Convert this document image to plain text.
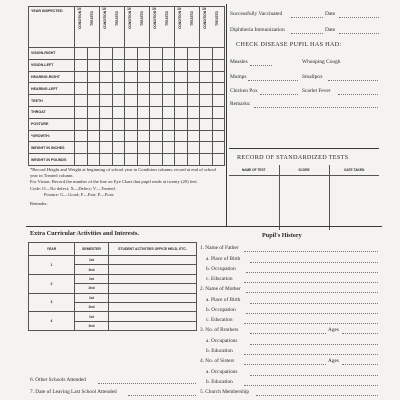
YEAR INSPECTED	19
CONDITION TREATED		19
CONDITION TREATED		19
CONDITION TREATED		19
CONDITION TREATED		19
CONDITION TREATED		19
CONDITION TREATED	

VISION-RIGHT												
VISION-LEFT												
HEARING-RIGHT												
HEARING-LEFT												
TEETH												
THROAT												
POSTURE												
*GROWTH:												
WEIGHT IN INCHES												
WEIGHT IN POUNDS												
*Record Height and Weight at beginning of school year in Condition column; record at end of school year in Treated column.
For Vision: Record the number of the line on Eye Chart that pupil reads at twenty (20) feet.
Code: O—No defect; X—Defect; V—Treated.
Posture: G—Good; F—Fair; P—Poor.
Remarks:
Successfully Vaccinated	Date
Diphtheria Immunization	Date
CHECK DISEASE PUPIL HAS HAD:
Measles	Whooping Cough
Mumps	Smallpox
Chicken Pox	Scarlet Fever
Remarks:
RECORD OF STANDARDIZED TESTS
NAME OF TEST	SCORE	DATE TAKEN

Extra Curricular Activities and Interests.
YEAR	SEMESTER	STUDENT ACTIVITIES OFFICE HELD, ETC.
1	1st	
	2nd	
2	1st	
	2nd	
3	1st	
	2nd	
4	1st	
	2nd	
Pupil's History
1. Name of Father
a. Place of Birth
b. Occupation
c. Education
2. Name of Mother
a. Place of Birth
b. Occupation
c. Education
3. No. of Brothers	Ages
a. Occupations
b. Education
4. No. of Sisters	Ages
a. Occupations
b. Education
5. Church Membership
6. Other Schools Attended
7. Date of Leaving Last School Attended
